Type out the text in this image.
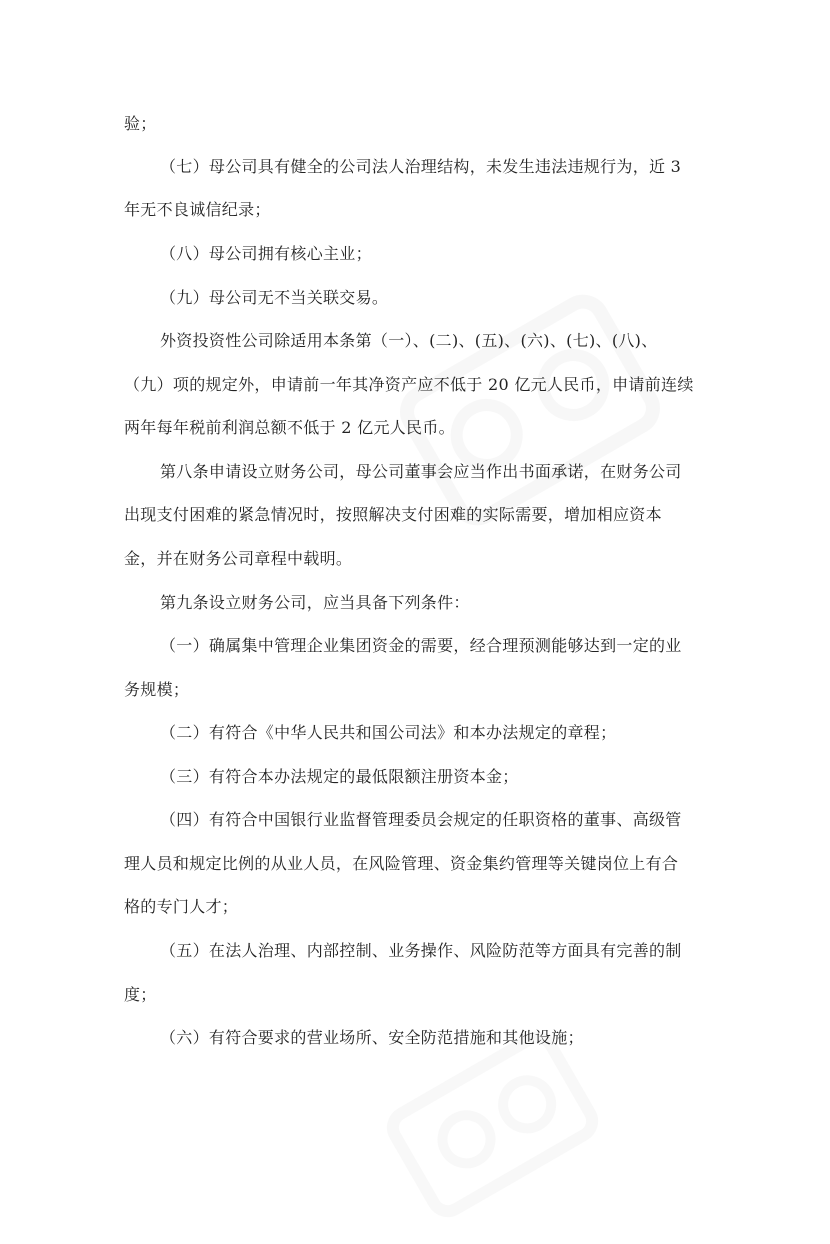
验；
（七）母公司具有健全的公司法人治理结构，未发生违法违规行为，近 3
年无不良诚信纪录；
（八）母公司拥有核心主业；
（九）母公司无不当关联交易。
外资投资性公司除适用本条第（一）、(二)、(五)、(六)、(七)、(八)、
（九）项的规定外，申请前一年其净资产应不低于 20 亿元人民币，申请前连续
两年每年税前利润总额不低于 2 亿元人民币。
第八条申请设立财务公司，母公司董事会应当作出书面承诺，在财务公司
出现支付困难的紧急情况时，按照解决支付困难的实际需要，增加相应资本
金，并在财务公司章程中载明。
第九条设立财务公司，应当具备下列条件：
（一）确属集中管理企业集团资金的需要，经合理预测能够达到一定的业
务规模；
（二）有符合《中华人民共和国公司法》和本办法规定的章程；
（三）有符合本办法规定的最低限额注册资本金；
（四）有符合中国银行业监督管理委员会规定的任职资格的董事、高级管
理人员和规定比例的从业人员，在风险管理、资金集约管理等关键岗位上有合
格的专门人才；
（五）在法人治理、内部控制、业务操作、风险防范等方面具有完善的制
度；
（六）有符合要求的营业场所、安全防范措施和其他设施；
